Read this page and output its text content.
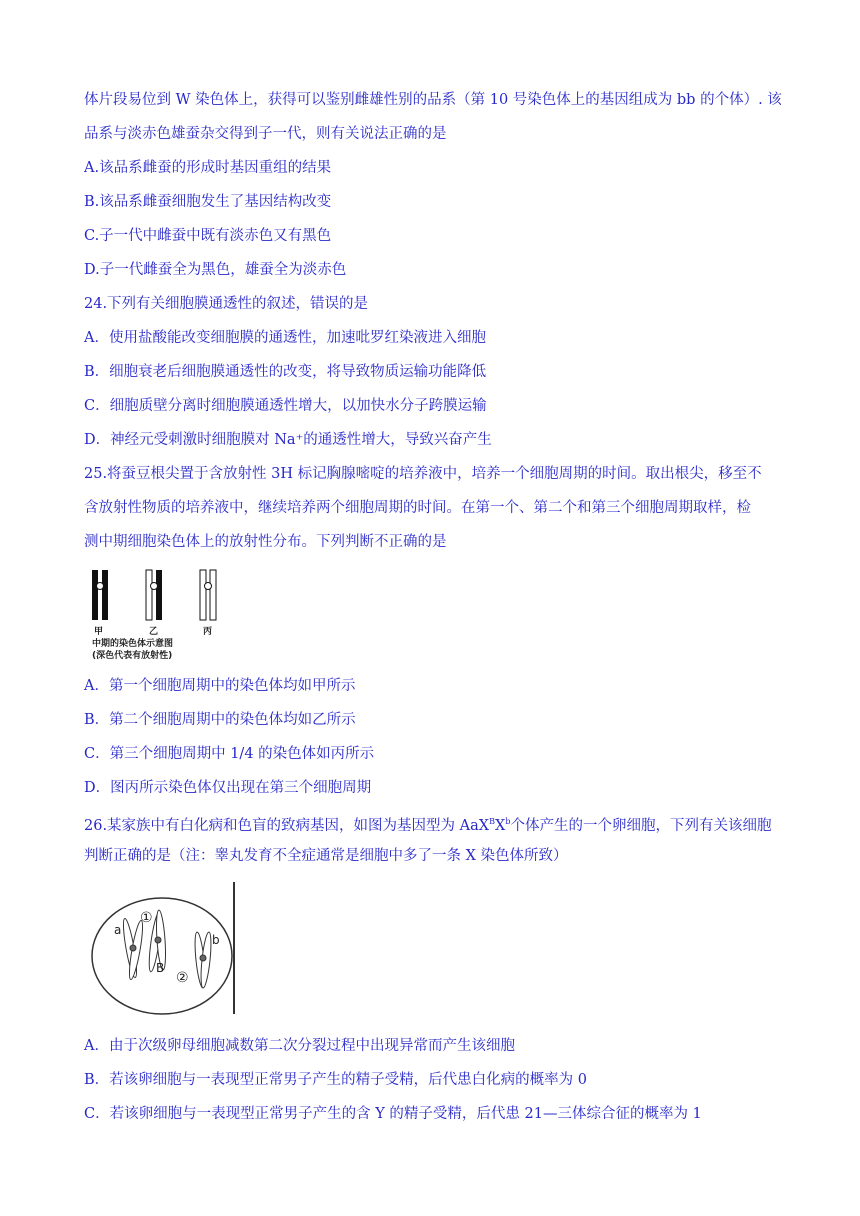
体片段易位到 W 染色体上，获得可以鉴别雌雄性别的品系（第 10 号染色体上的基因组成为 bb 的个体）. 该
品系与淡赤色雄蚕杂交得到子一代，则有关说法正确的是
A.该品系雌蚕的形成时基因重组的结果
B.该品系雌蚕细胞发生了基因结构改变
C.子一代中雌蚕中既有淡赤色又有黑色
D.子一代雌蚕全为黑色，雄蚕全为淡赤色
24.下列有关细胞膜通透性的叙述，错误的是
A．使用盐酸能改变细胞膜的通透性，加速吡罗红染液进入细胞
B．细胞衰老后细胞膜通透性的改变，将导致物质运输功能降低
C．细胞质壁分离时细胞膜通透性增大，以加快水分子跨膜运输
D．神经元受刺激时细胞膜对 Na⁺的通透性增大，导致兴奋产生
25.将蚕豆根尖置于含放射性 3H 标记胸腺嘧啶的培养液中，培养一个细胞周期的时间。取出根尖，移至不
含放射性物质的培养液中，继续培养两个细胞周期的时间。在第一个、第二个和第三个细胞周期取样，检
测中期细胞染色体上的放射性分布。下列判断不正确的是
甲	乙	丙
中期的染色体示意图
(深色代表有放射性)
A．第一个细胞周期中的染色体均如甲所示
B．第二个细胞周期中的染色体均如乙所示
C．第三个细胞周期中 1/4 的染色体如丙所示
D．图丙所示染色体仅出现在第三个细胞周期
26.某家族中有白化病和色盲的致病基因，如图为基因型为 $AaX^BX^b$个体产生的一个卵细胞，下列有关该细胞
判断正确的是（注：睾丸发育不全症通常是细胞中多了一条 X 染色体所致）
①
②
a
B
b
A．由于次级卵母细胞减数第二次分裂过程中出现异常而产生该细胞
B．若该卵细胞与一表现型正常男子产生的精子受精，后代患白化病的概率为 0
C．若该卵细胞与一表现型正常男子产生的含 Y 的精子受精，后代患 21—三体综合征的概率为 1
